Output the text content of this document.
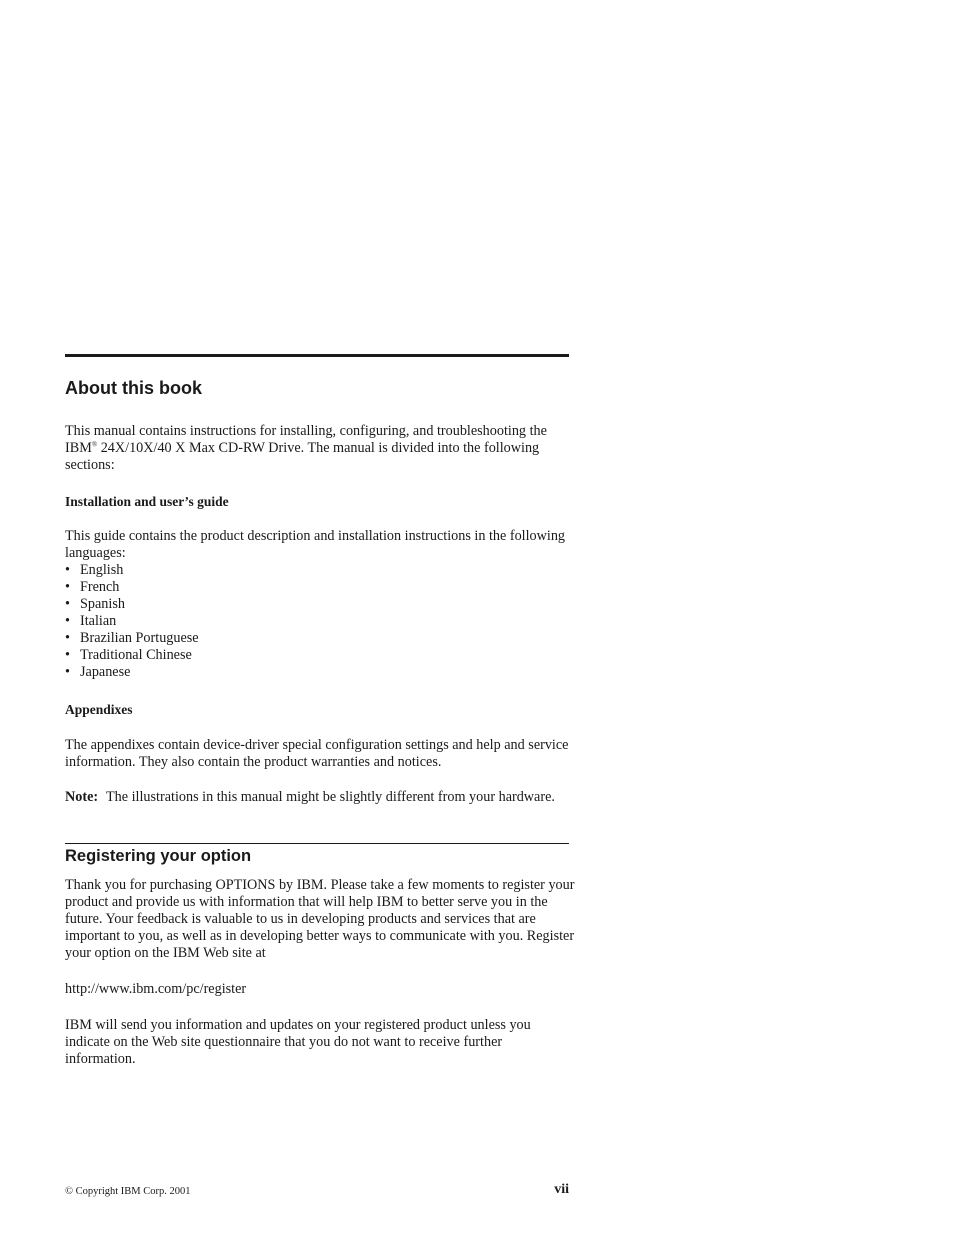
About this book

This manual contains instructions for installing, configuring, and troubleshooting the IBM® 24X/10X/40 X Max CD-RW Drive. The manual is divided into the following sections:

Installation and user’s guide

This guide contains the product description and installation instructions in the following languages:

• English
• French
• Spanish
• Italian
• Brazilian Portuguese
• Traditional Chinese
• Japanese
Appendixes

The appendixes contain device-driver special configuration settings and help and service information. They also contain the product warranties and notices.

Note: The illustrations in this manual might be slightly different from your hardware.
Registering your option

Thank you for purchasing OPTIONS by IBM. Please take a few moments to register your product and provide us with information that will help IBM to better serve you in the future. Your feedback is valuable to us in developing products and services that are important to you, as well as in developing better ways to communicate with you. Register your option on the IBM Web site at

http://www.ibm.com/pc/register

IBM will send you information and updates on your registered product unless you indicate on the Web site questionnaire that you do not want to receive further information.

© Copyright IBM Corp. 2001	vii
